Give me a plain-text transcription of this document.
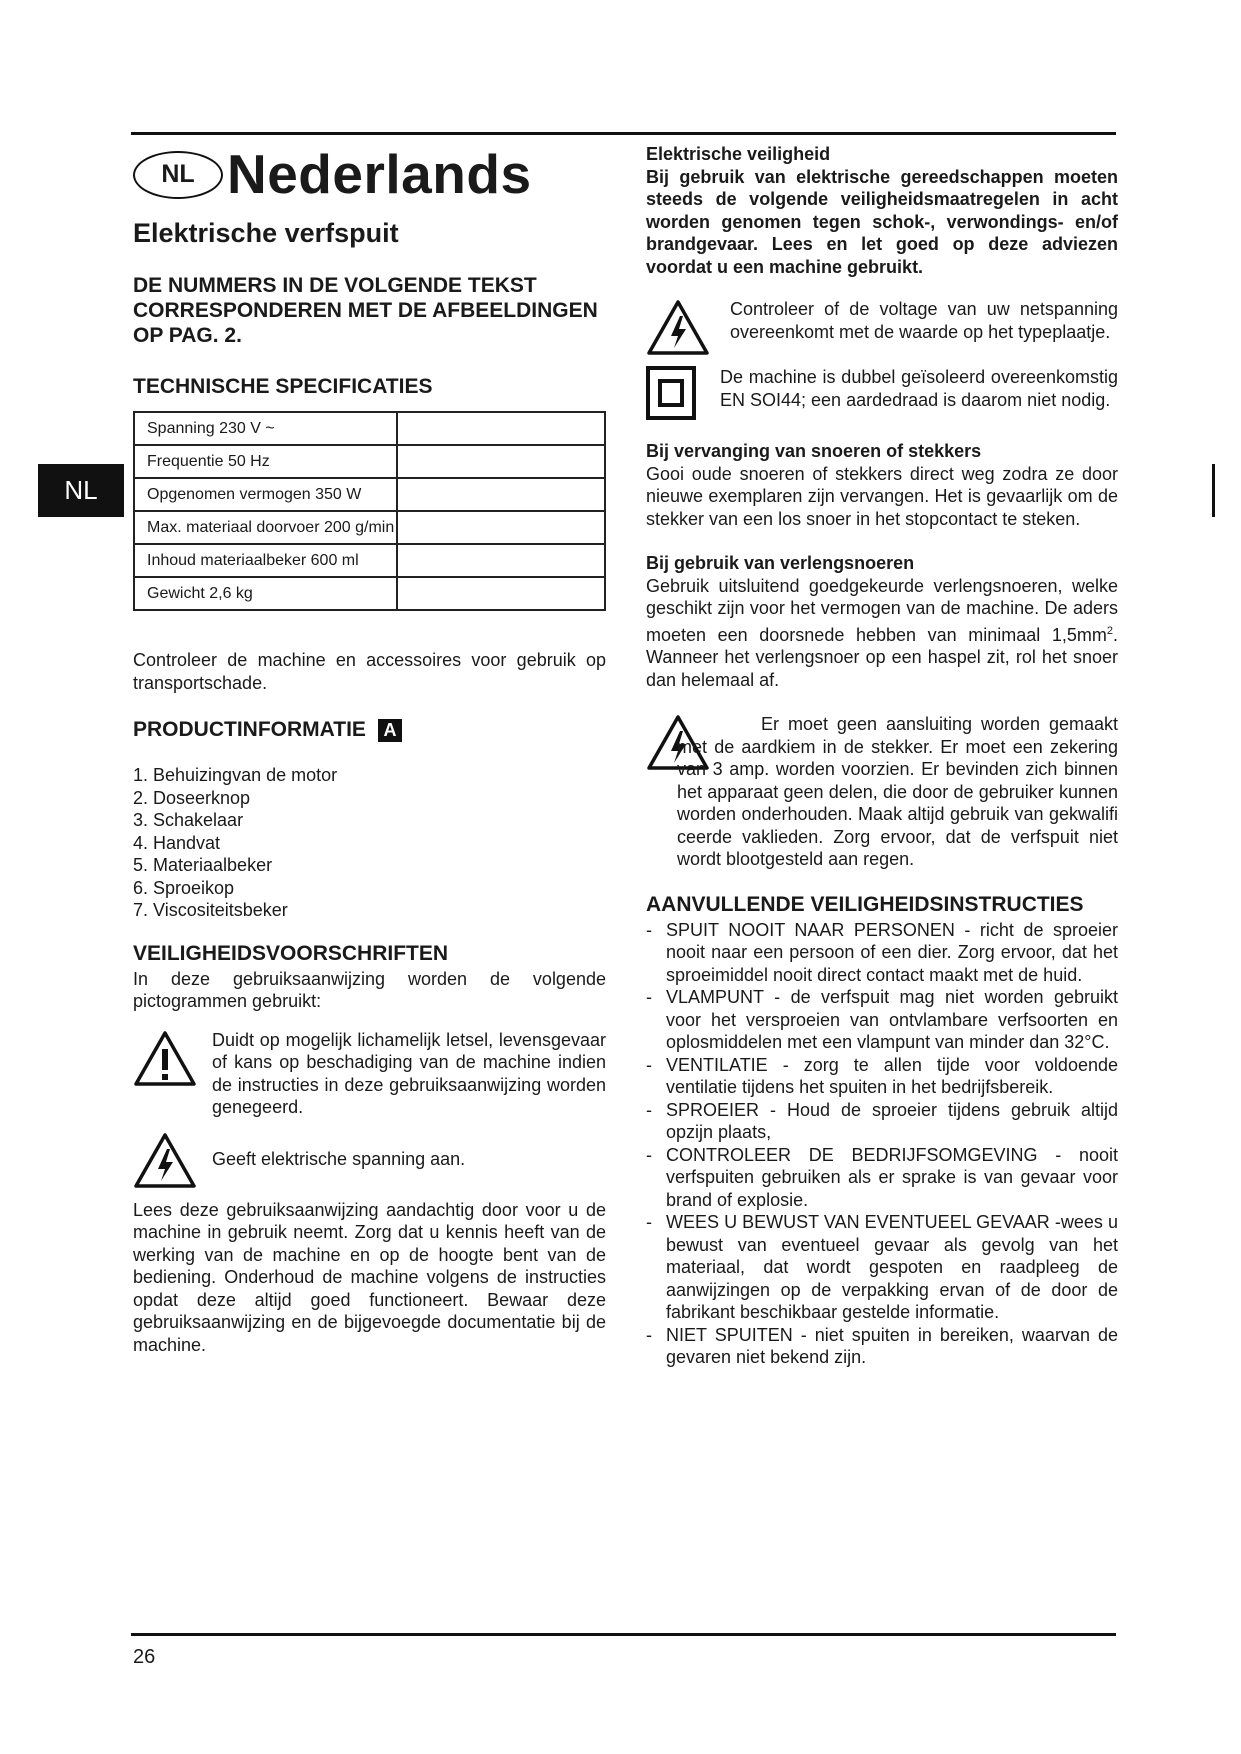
NL
NL Nederlands
Elektrische verfspuit
DE NUMMERS IN DE VOLGENDE TEKST CORRESPONDEREN MET DE AFBEELDINGEN OP PAG. 2.
TECHNISCHE SPECIFICATIES
Spanning 230 V ~	
Frequentie 50 Hz	
Opgenomen vermogen 350 W	
Max. materiaal doorvoer 200 g/min	
Inhoud materiaalbeker 600 ml	
Gewicht 2,6 kg	
Controleer de machine en accessoires voor gebruik op transportschade.
PRODUCTINFORMATIE A
1. Behuizingvan de motor
2. Doseerknop
3. Schakelaar
4. Handvat
5. Materiaalbeker
6. Sproeikop
7. Viscositeitsbeker
VEILIGHEIDSVOORSCHRIFTEN
In deze gebruiksaanwijzing worden de volgende pictogrammen gebruikt:
Duidt op mogelijk lichamelijk letsel, levensgevaar of kans op beschadiging van de machine indien de instructies in deze gebruiksaanwijzing worden genegeerd.
Geeft elektrische spanning aan.
Lees deze gebruiksaanwijzing aandachtig door voor u de machine in gebruik neemt. Zorg dat u kennis heeft van de werking van de machine en op de hoogte bent van de bediening. Onderhoud de machine volgens de instructies opdat deze altijd goed functioneert. Bewaar deze gebruiksaanwijzing en de bijgevoegde documentatie bij de machine.
Elektrische veiligheid
Bij gebruik van elektrische gereedschappen moeten steeds de volgende veiligheidsmaatregelen in acht worden genomen tegen schok-, verwondings- en/of brandgevaar. Lees en let goed op deze adviezen voordat u een machine gebruikt.
Controleer of de voltage van uw netspanning overeenkomt met de waarde op het typeplaatje.
De machine is dubbel geïsoleerd overeenkomstig EN SOI44; een aardedraad is daarom niet nodig.
Bij vervanging van snoeren of stekkers
Gooi oude snoeren of stekkers direct weg zodra ze door nieuwe exemplaren zijn vervangen. Het is gevaarlijk om de stekker van een los snoer in het stopcontact te steken.
Bij gebruik van verlengsnoeren
Gebruik uitsluitend goedgekeurde verlengsnoeren, welke geschikt zijn voor het vermogen van de machine. De aders moeten een doorsnede hebben van minimaal $1,5mm^2$. Wanneer het verlengsnoer op een haspel zit, rol het snoer dan helemaal af.
Er moet geen aansluiting worden gemaakt met de aardkiem in de stekker. Er moet een zekering van 3 amp. worden voorzien. Er bevinden zich binnen het apparaat geen delen, die door de gebruiker kunnen worden onderhouden. Maak altijd gebruik van gekwalifi ceerde vaklieden. Zorg ervoor, dat de verfspuit niet wordt blootgesteld aan regen.
AANVULLENDE VEILIGHEIDSINSTRUCTIES
- SPUIT NOOIT NAAR PERSONEN - richt de sproeier nooit naar een persoon of een dier. Zorg ervoor, dat het sproeimiddel nooit direct contact maakt met de huid.
- VLAMPUNT - de verfspuit mag niet worden gebruikt voor het versproeien van ontvlambare verfsoorten en oplosmiddelen met een vlampunt van minder dan 32°C.
- VENTILATIE - zorg te allen tijde voor voldoende ventilatie tijdens het spuiten in het bedrijfsbereik.
- SPROEIER - Houd de sproeier tijdens gebruik altijd opzijn plaats,
- CONTROLEER DE BEDRIJFSOMGEVING - nooit verfspuiten gebruiken als er sprake is van gevaar voor brand of explosie.
- WEES U BEWUST VAN EVENTUEEL GEVAAR -wees u bewust van eventueel gevaar als gevolg van het materiaal, dat wordt gespoten en raadpleeg de aanwijzingen op de verpakking ervan of de door de fabrikant beschikbaar gestelde informatie.
- NIET SPUITEN - niet spuiten in bereiken, waarvan de gevaren niet bekend zijn.
26
